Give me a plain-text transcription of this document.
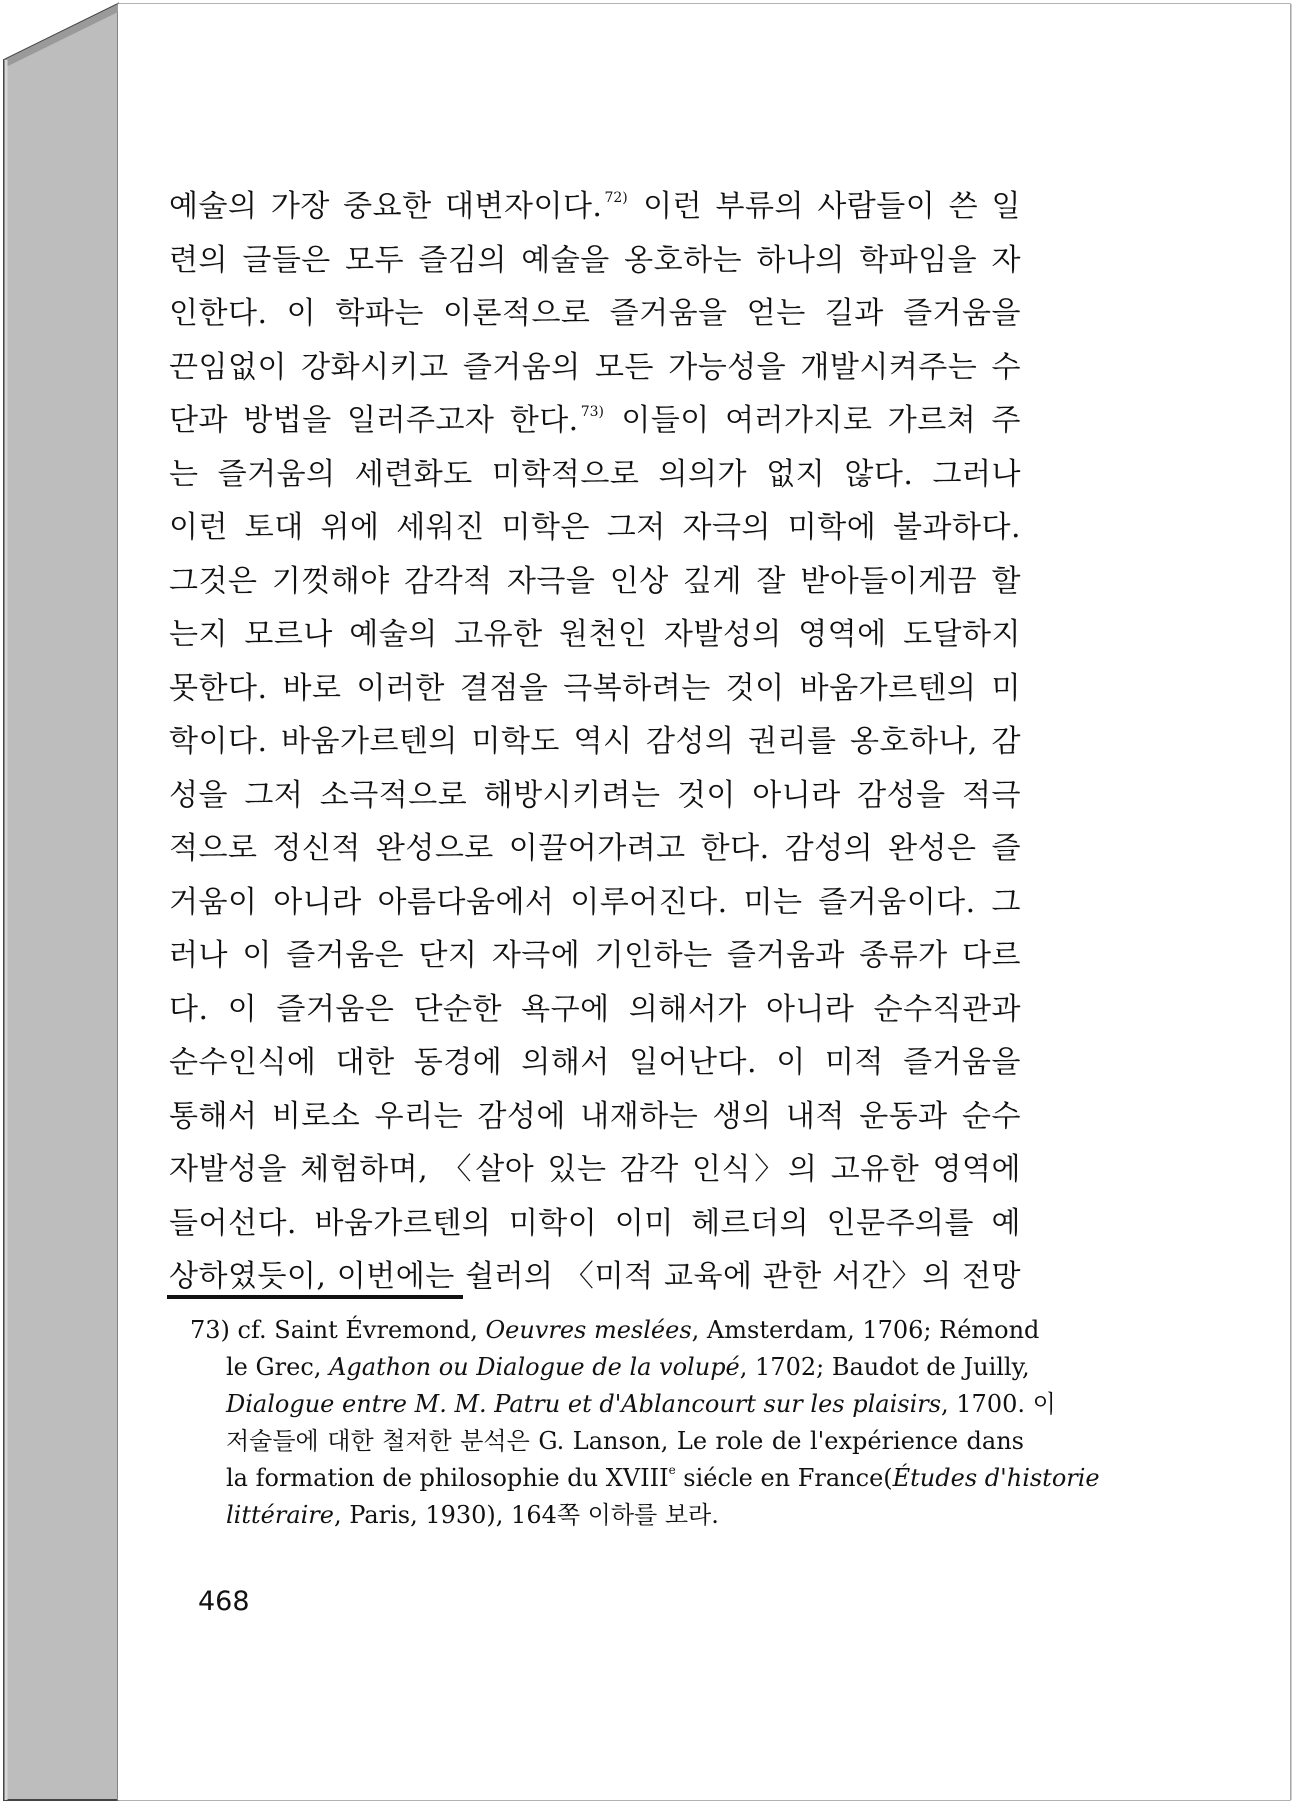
예술의 가장 중요한 대변자이다. $^{72)}$ 이런 부류의 사람들이 쓴 일
련의 글들은 모두 즐김의 예술을 옹호하는 하나의 학파임을 자
인한다. 이 학파는 이론적으로 즐거움을 얻는 길과 즐거움을
끈임없이 강화시키고 즐거움의 모든 가능성을 개발시켜주는 수
단과 방법을 일러주고자 한다. $^{73)}$ 이들이 여러가지로 가르쳐 주
는 즐거움의 세련화도 미학적으로 의의가 없지 않다. 그러나
이런 토대 위에 세워진 미학은 그저 자극의 미학에 불과하다.
그것은 기껏해야 감각적 자극을 인상 깊게 잘 받아들이게끔 할
는지 모르나 예술의 고유한 원천인 자발성의 영역에 도달하지
못한다. 바로 이러한 결점을 극복하려는 것이 바움가르텐의 미
학이다. 바움가르텐의 미학도 역시 감성의 권리를 옹호하나, 감
성을 그저 소극적으로 해방시키려는 것이 아니라 감성을 적극
적으로 정신적 완성으로 이끌어가려고 한다. 감성의 완성은 즐
거움이 아니라 아름다움에서 이루어진다. 미는 즐거움이다. 그
러나 이 즐거움은 단지 자극에 기인하는 즐거움과 종류가 다르
다. 이 즐거움은 단순한 욕구에 의해서가 아니라 순수직관과
순수인식에 대한 동경에 의해서 일어난다. 이 미적 즐거움을
통해서 비로소 우리는 감성에 내재하는 생의 내적 운동과 순수
자발성을 체험하며, 〈살아 있는 감각 인식〉의 고유한 영역에
들어선다. 바움가르텐의 미학이 이미 헤르더의 인문주의를 예
상하였듯이, 이번에는 쉴러의 〈미적 교육에 관한 서간〉의 전망
73) cf. Saint Évremond, Oeuvres meslées, Amsterdam, 1706; Rémond
le Grec, Agathon ou Dialogue de la volupé, 1702; Baudot de Juilly,
Dialogue entre M. M. Patru et d'Ablancourt sur les plaisirs, 1700. 이
저술들에 대한 철저한 분석은 G. Lanson, Le role de l'expérience dans
la formation de philosophie du XVIIIe siécle en France(Études d'historie
littéraire, Paris, 1930), 164쪽 이하를 보라.
468
